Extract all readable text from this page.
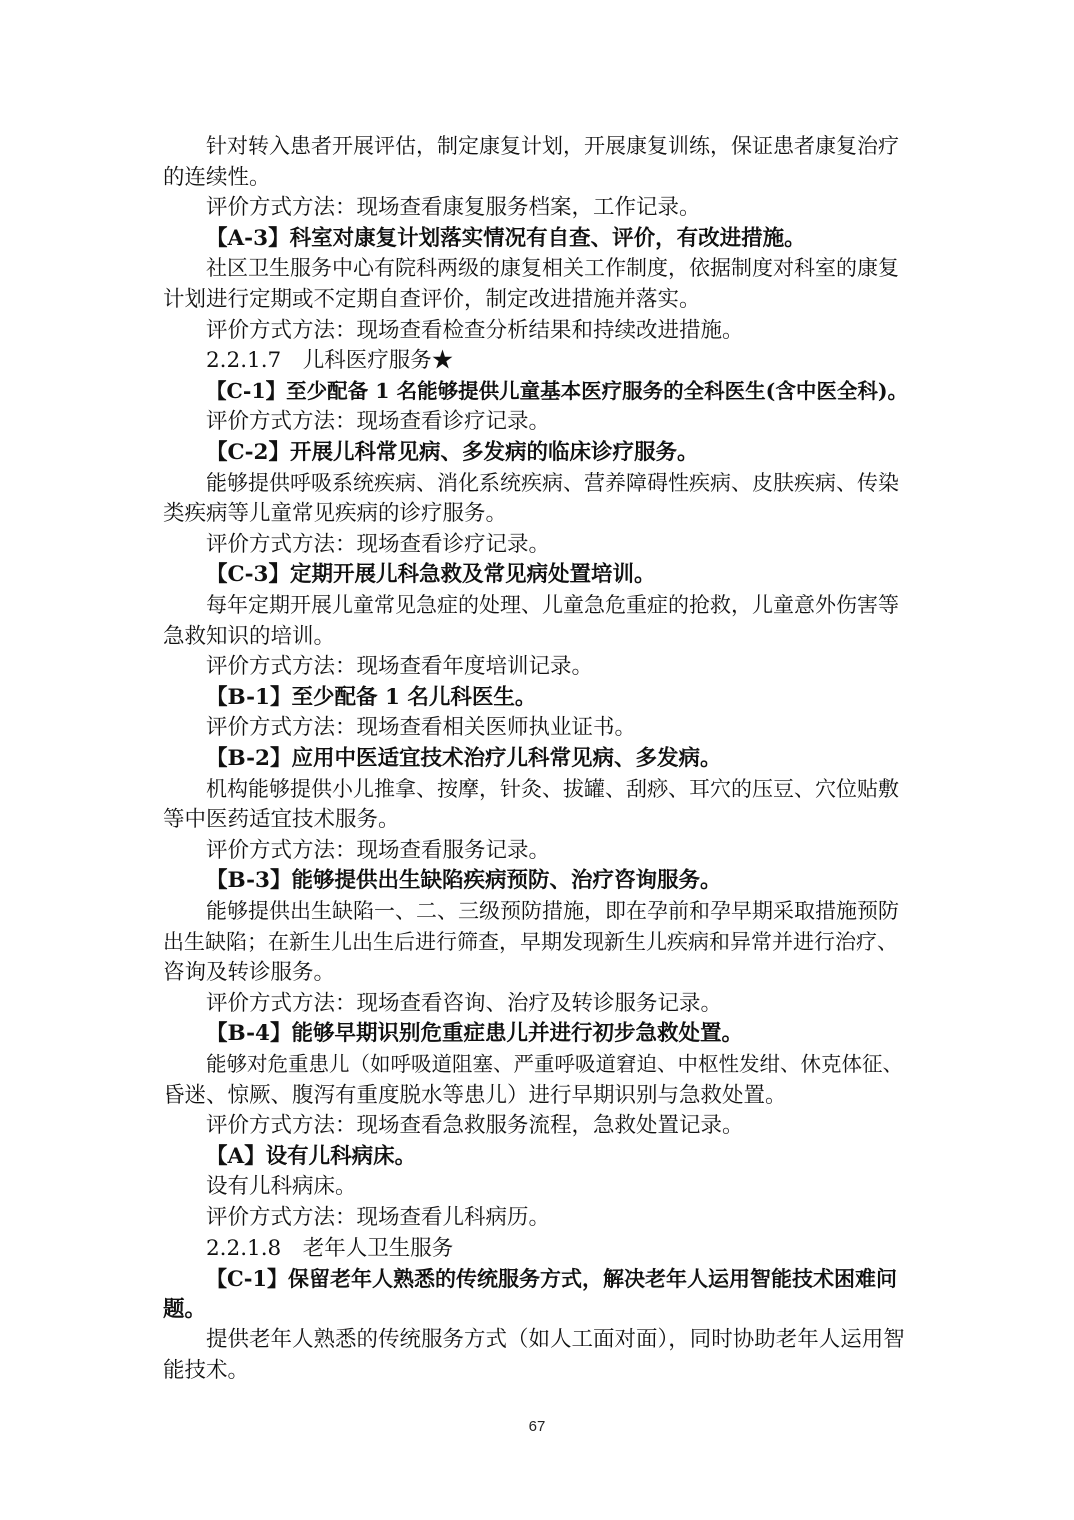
针对转入患者开展评估，制定康复计划，开展康复训练，保证患者康复治疗
的连续性。
评价方式方法：现场查看康复服务档案，工作记录。
【A-3】科室对康复计划落实情况有自查、评价，有改进措施。
社区卫生服务中心有院科两级的康复相关工作制度，依据制度对科室的康复
计划进行定期或不定期自查评价，制定改进措施并落实。
评价方式方法：现场查看检查分析结果和持续改进措施。
2.2.1.7　儿科医疗服务★
【C-1】至少配备 1 名能够提供儿童基本医疗服务的全科医生(含中医全科)。
评价方式方法：现场查看诊疗记录。
【C-2】开展儿科常见病、多发病的临床诊疗服务。
能够提供呼吸系统疾病、消化系统疾病、营养障碍性疾病、皮肤疾病、传染
类疾病等儿童常见疾病的诊疗服务。
评价方式方法：现场查看诊疗记录。
【C-3】定期开展儿科急救及常见病处置培训。
每年定期开展儿童常见急症的处理、儿童急危重症的抢救，儿童意外伤害等
急救知识的培训。
评价方式方法：现场查看年度培训记录。
【B-1】至少配备 1 名儿科医生。
评价方式方法：现场查看相关医师执业证书。
【B-2】应用中医适宜技术治疗儿科常见病、多发病。
机构能够提供小儿推拿、按摩，针灸、拔罐、刮痧、耳穴的压豆、穴位贴敷
等中医药适宜技术服务。
评价方式方法：现场查看服务记录。
【B-3】能够提供出生缺陷疾病预防、治疗咨询服务。
能够提供出生缺陷一、二、三级预防措施，即在孕前和孕早期采取措施预防
出生缺陷；在新生儿出生后进行筛查，早期发现新生儿疾病和异常并进行治疗、
咨询及转诊服务。
评价方式方法：现场查看咨询、治疗及转诊服务记录。
【B-4】能够早期识别危重症患儿并进行初步急救处置。
能够对危重患儿（如呼吸道阻塞、严重呼吸道窘迫、中枢性发绀、休克体征、
昏迷、惊厥、腹泻有重度脱水等患儿）进行早期识别与急救处置。
评价方式方法：现场查看急救服务流程，急救处置记录。
【A】设有儿科病床。
设有儿科病床。
评价方式方法：现场查看儿科病历。
2.2.1.8　老年人卫生服务
【C-1】保留老年人熟悉的传统服务方式，解决老年人运用智能技术困难问
题。
提供老年人熟悉的传统服务方式（如人工面对面），同时协助老年人运用智
能技术。
67
